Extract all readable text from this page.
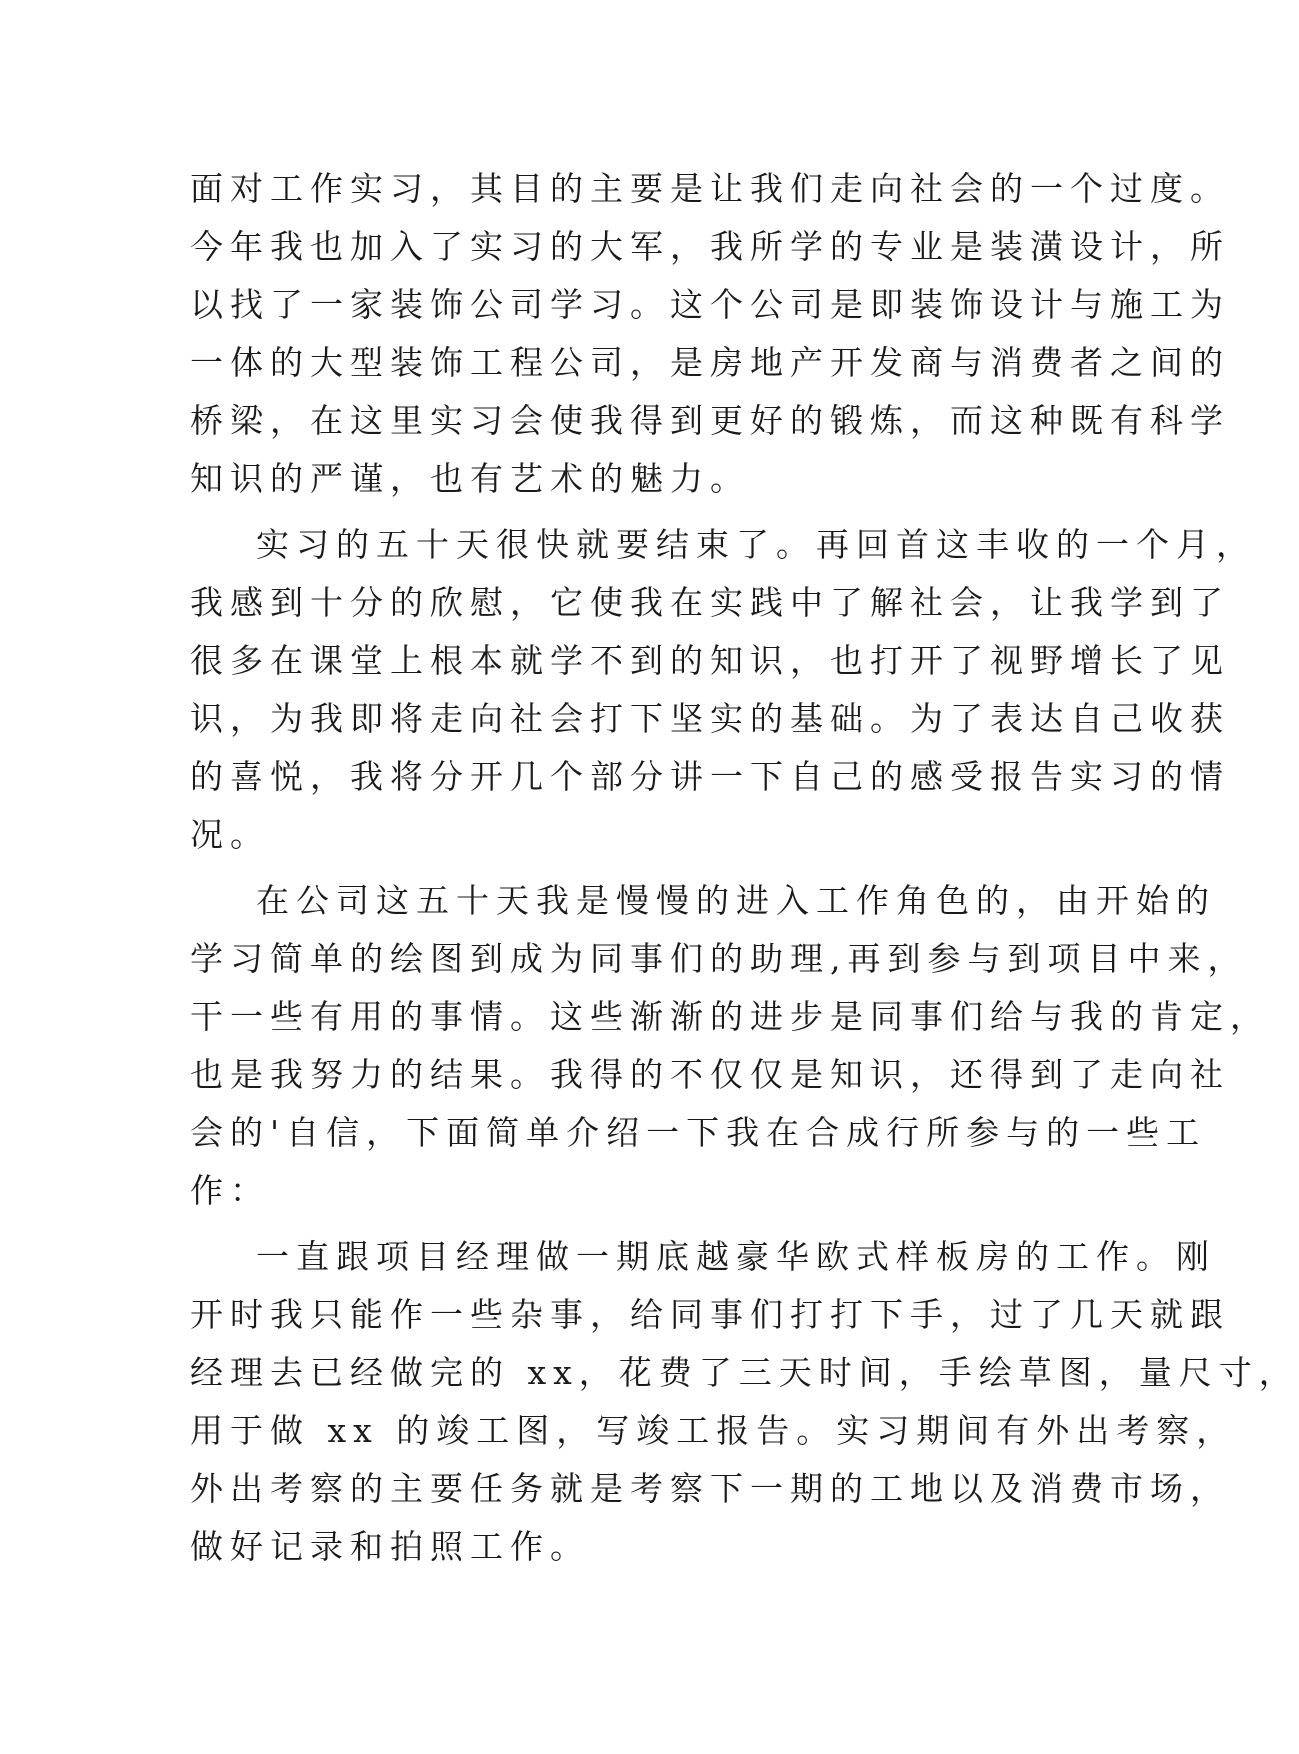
面对工作实习，其目的主要是让我们走向社会的一个过度。
今年我也加入了实习的大军，我所学的专业是装潢设计，所
以找了一家装饰公司学习。这个公司是即装饰设计与施工为
一体的大型装饰工程公司，是房地产开发商与消费者之间的
桥梁，在这里实习会使我得到更好的锻炼，而这种既有科学
知识的严谨，也有艺术的魅力。
实习的五十天很快就要结束了。再回首这丰收的一个月，
我感到十分的欣慰，它使我在实践中了解社会，让我学到了
很多在课堂上根本就学不到的知识，也打开了视野增长了见
识，为我即将走向社会打下坚实的基础。为了表达自己收获
的喜悦，我将分开几个部分讲一下自己的感受报告实习的情
况。
在公司这五十天我是慢慢的进入工作角色的，由开始的
学习简单的绘图到成为同事们的助理,再到参与到项目中来，
干一些有用的事情。这些渐渐的进步是同事们给与我的肯定，
也是我努力的结果。我得的不仅仅是知识，还得到了走向社
会的'自信，下面简单介绍一下我在合成行所参与的一些工
作：
一直跟项目经理做一期底越豪华欧式样板房的工作。刚
开时我只能作一些杂事，给同事们打打下手，过了几天就跟
经理去已经做完的 xx，花费了三天时间，手绘草图，量尺寸，
用于做 xx 的竣工图，写竣工报告。实习期间有外出考察，
外出考察的主要任务就是考察下一期的工地以及消费市场，
做好记录和拍照工作。
